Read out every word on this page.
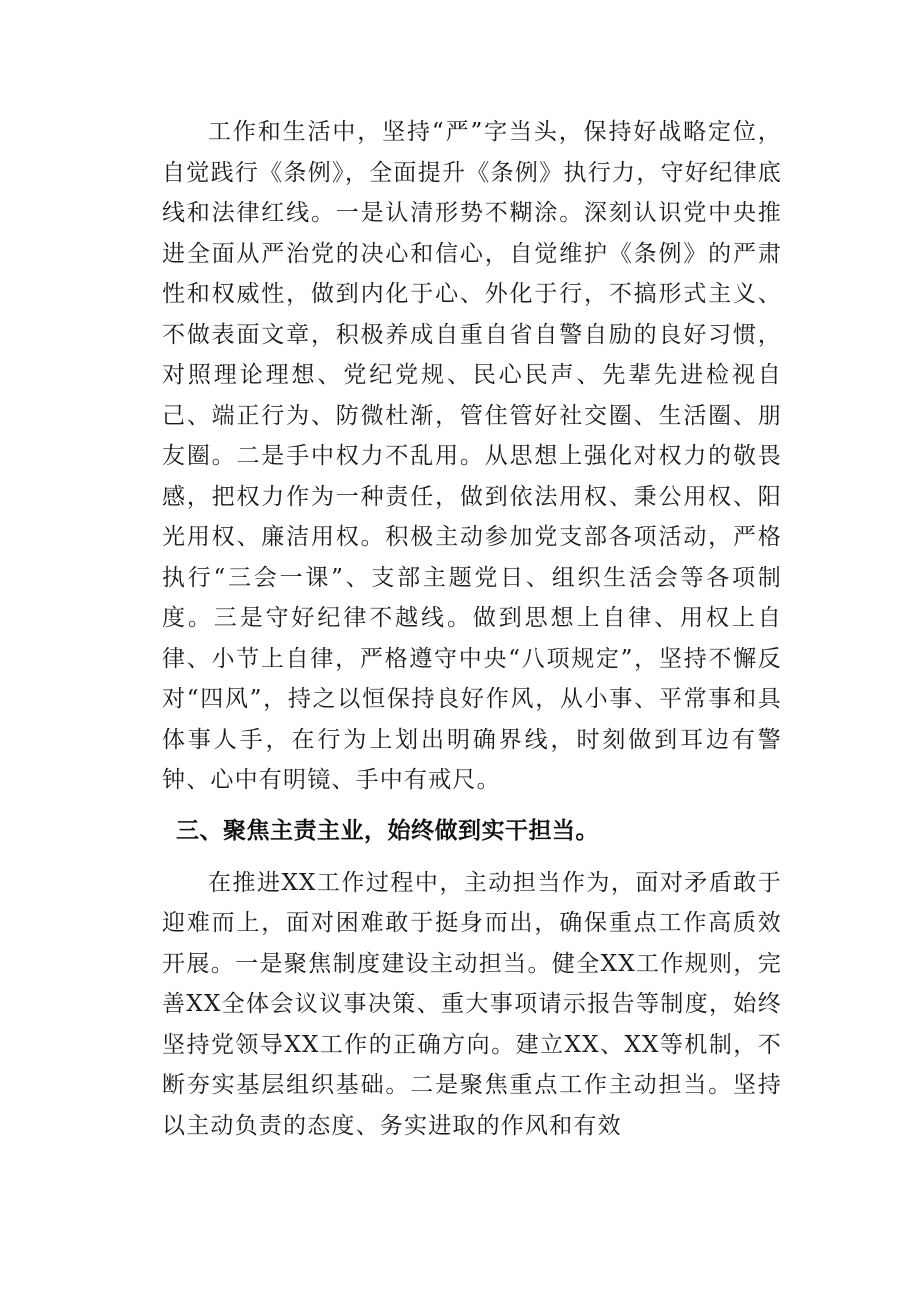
工作和生活中，坚持“严”字当头，保持好战略定位，自觉践行《条例》，全面提升《条例》执行力，守好纪律底线和法律红线。一是认清形势不糊涂。深刻认识党中央推进全面从严治党的决心和信心，自觉维护《条例》的严肃性和权威性，做到内化于心、外化于行，不搞形式主义、不做表面文章，积极养成自重自省自警自励的良好习惯，对照理论理想、党纪党规、民心民声、先辈先进检视自己、端正行为、防微杜渐，管住管好社交圈、生活圈、朋友圈。二是手中权力不乱用。从思想上强化对权力的敬畏感，把权力作为一种责任，做到依法用权、秉公用权、阳光用权、廉洁用权。积极主动参加党支部各项活动，严格执行“三会一课”、支部主题党日、组织生活会等各项制度。三是守好纪律不越线。做到思想上自律、用权上自律、小节上自律，严格遵守中央“八项规定”，坚持不懈反对“四风”，持之以恒保持良好作风，从小事、平常事和具体事人手，在行为上划出明确界线，时刻做到耳边有警钟、心中有明镜、手中有戒尺。

三、聚焦主责主业，始终做到实干担当。

在推进XX工作过程中，主动担当作为，面对矛盾敢于迎难而上，面对困难敢于挺身而出，确保重点工作高质效开展。一是聚焦制度建设主动担当。健全XX工作规则，完善XX全体会议议事决策、重大事项请示报告等制度，始终坚持党领导XX工作的正确方向。建立XX、XX等机制，不断夯实基层组织基础。二是聚焦重点工作主动担当。坚持以主动负责的态度、务实进取的作风和有效
